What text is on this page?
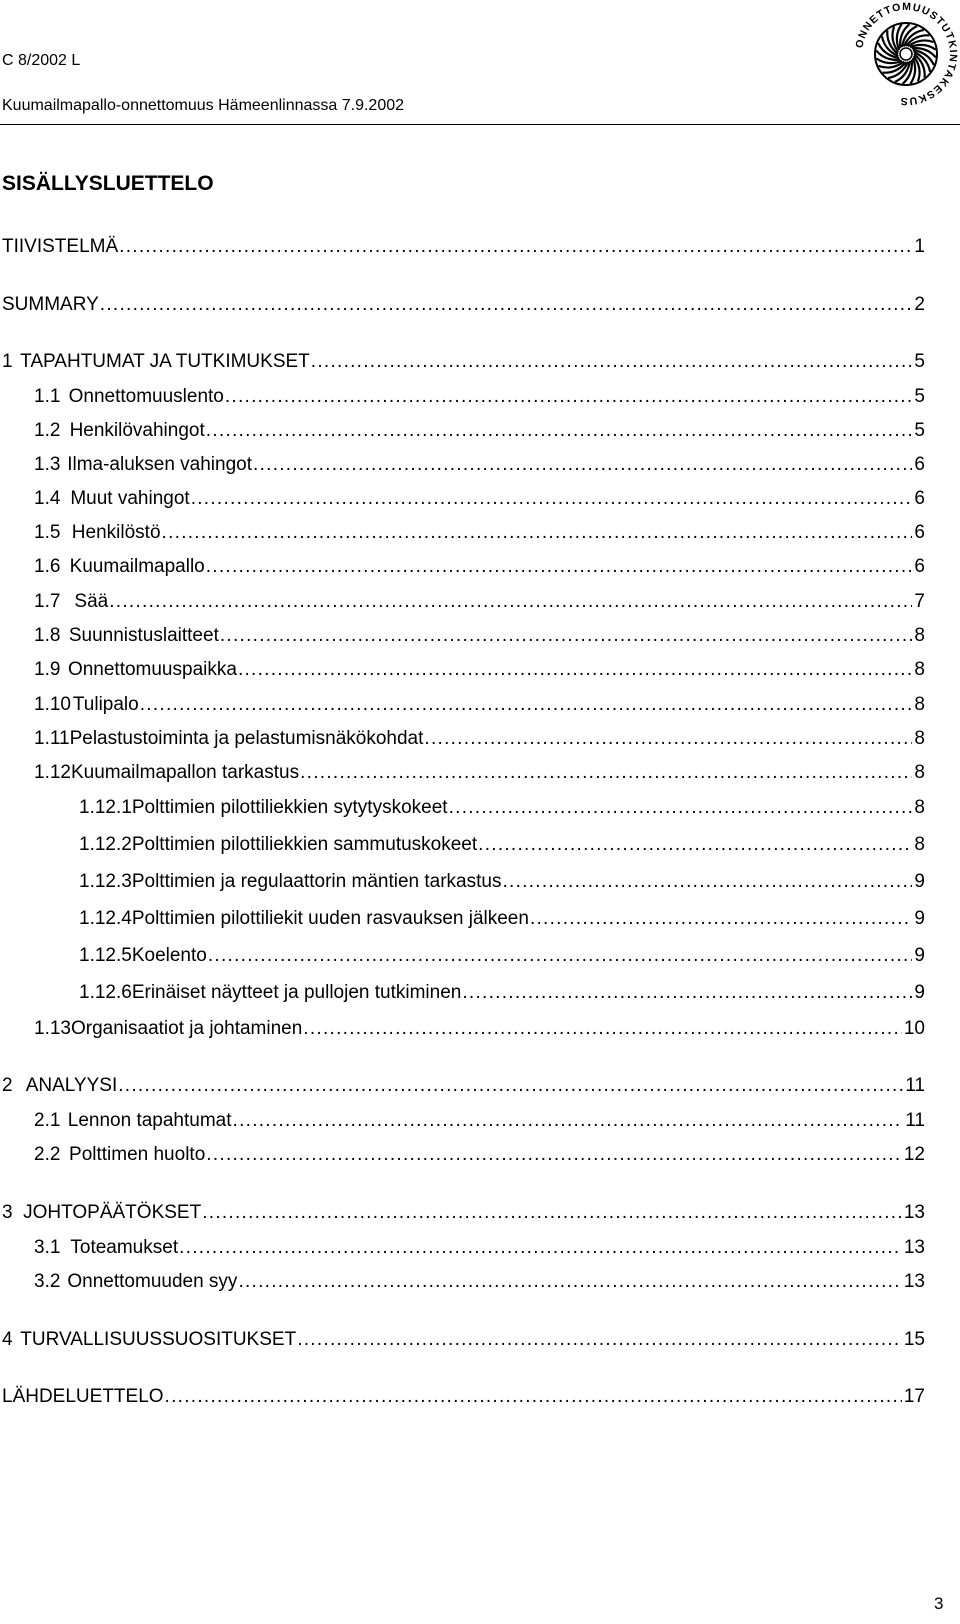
C 8/2002 L
Kuumailmapallo-onnettomuus Hämeenlinnassa 7.9.2002
ONNETTOMUUSTUTKINTAKESKUS
SISÄLLYSLUETTELO
TIIVISTELMÄ . . .	1
SUMMARY . . .	2
1 TAPAHTUMAT JA TUTKIMUKSET . . .	5
1.1 Onnettomuuslento . . .	5
1.2 Henkilövahingot . . .	5
1.3 Ilma-aluksen vahingot . . .	6
1.4 Muut vahingot . . .	6
1.5 Henkilöstö . . .	6
1.6 Kuumailmapallo . . .	6
1.7 Sää . . .	7
1.8 Suunnistuslaitteet . . .	8
1.9 Onnettomuuspaikka . . .	8
1.10 Tulipalo . . .	8
1.11 Pelastustoiminta ja pelastumisnäkökohdat . . .	8
1.12 Kuumailmapallon tarkastus . . .	8
1.12.1 Polttimien pilottiliekkien sytytyskokeet . . .	8
1.12.2 Polttimien pilottiliekkien sammutuskokeet . . .	8
1.12.3 Polttimien ja regulaattorin mäntien tarkastus . . .	9
1.12.4 Polttimien pilottiliekit uuden rasvauksen jälkeen . . .	9
1.12.5 Koelento . . .	9
1.12.6 Erinäiset näytteet ja pullojen tutkiminen . . .	9
1.13 Organisaatiot ja johtaminen . . .	10
2 ANALYYSI . . .	11
2.1 Lennon tapahtumat . . .	11
2.2 Polttimen huolto . . .	12
3 JOHTOPÄÄTÖKSET . . .	13
3.1 Toteamukset . . .	13
3.2 Onnettomuuden syy . . .	13
4 TURVALLISUUSSUOSITUKSET . . .	15
LÄHDELUETTELO . . .	17
3
